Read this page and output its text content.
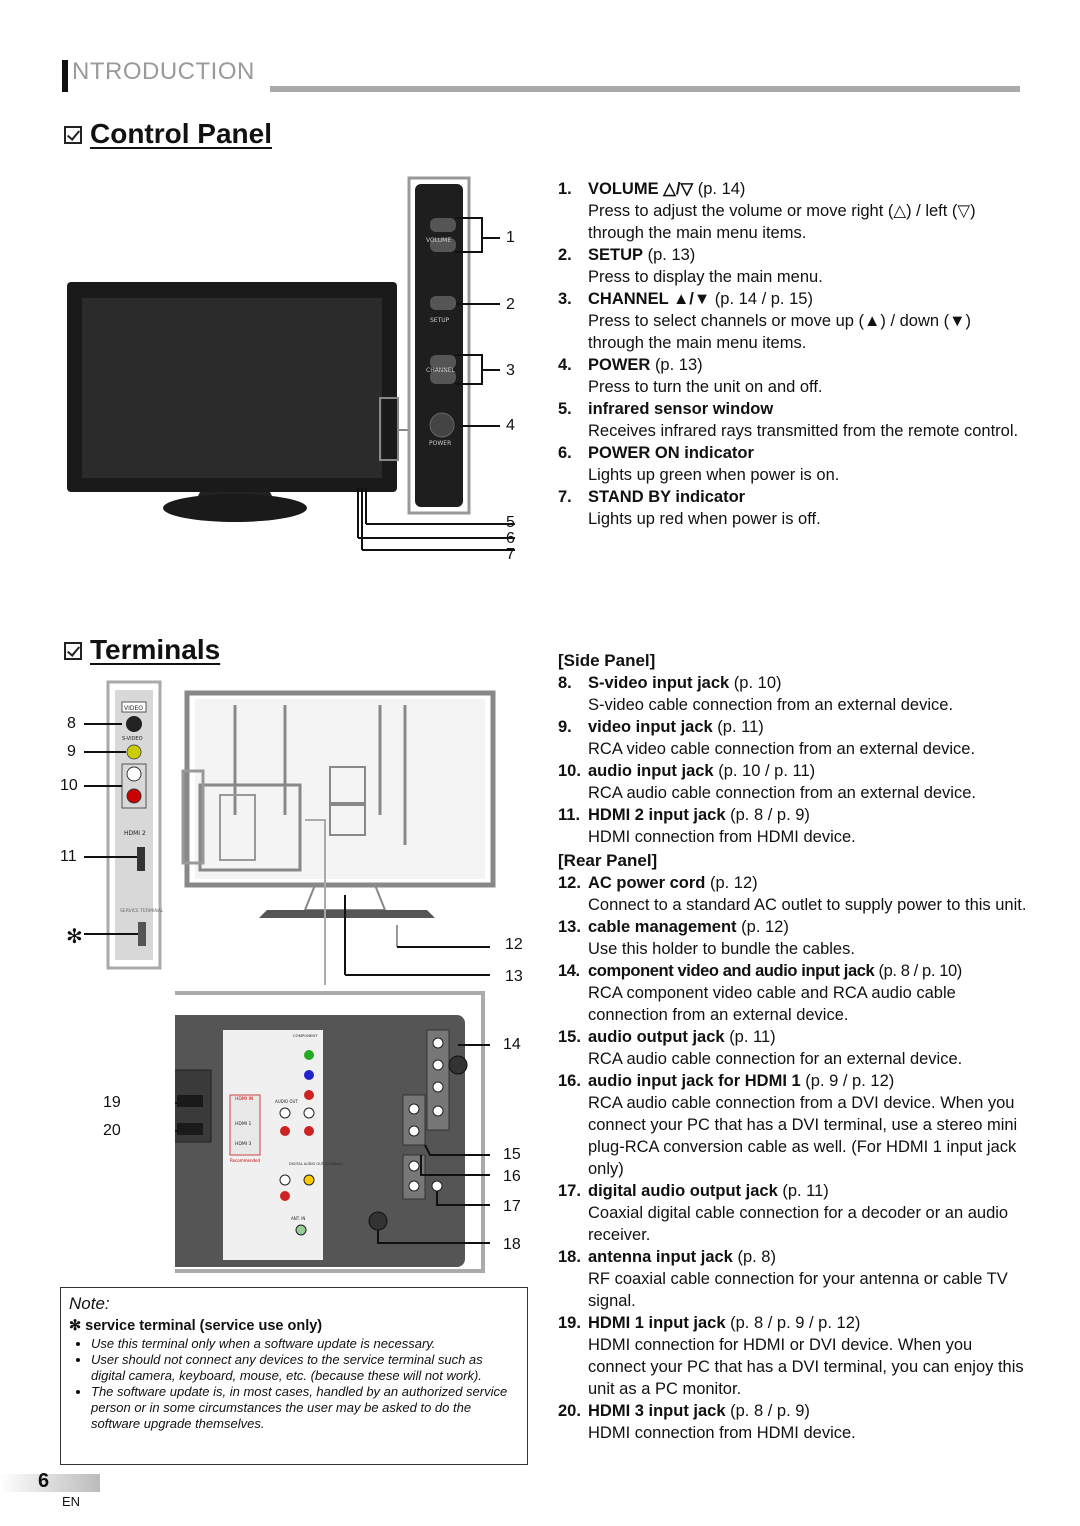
NTRODUCTION
Control Panel
VOLUME
SETUP
CHANNEL
POWER
1
2
3
4
5
6
7
1. VOLUME △/▽ (p. 14)
Press to adjust the volume or move right (△) / left (▽) through the main menu items.
2. SETUP (p. 13)
Press to display the main menu.
3. CHANNEL ▲/▼ (p. 14 / p. 15)
Press to select channels or move up (▲) / down (▼) through the main menu items.
4. POWER (p. 13)
Press to turn the unit on and off.
5. infrared sensor window
Receives infrared rays transmitted from the remote control.
6. POWER ON indicator
Lights up green when power is on.
7. STAND BY indicator
Lights up red when power is off.
Terminals
VIDEO
S-VIDEO
HDMI 2
SERVICE TERMINAL
8
9
10
11
✻
HDMI IN
HDMI 1
HDMI 3
Recommended
AUDIO OUT
COMPONENT
DIGITAL AUDIO OUT (COAXIAL)
ANT. IN
12
13
14
15
16
17
18
19
20
[Side Panel]
8. S-video input jack (p. 10)
S-video cable connection from an external device.
9. video input jack (p. 11)
RCA video cable connection from an external device.
10. audio input jack (p. 10 / p. 11)
RCA audio cable connection from an external device.
11. HDMI 2 input jack (p. 8 / p. 9)
HDMI connection from HDMI device.
[Rear Panel]
12. AC power cord (p. 12)
Connect to a standard AC outlet to supply power to this unit.
13. cable management (p. 12)
Use this holder to bundle the cables.
14. component video and audio input jack (p. 8 / p. 10)
RCA component video cable and RCA audio cable connection from an external device.
15. audio output jack (p. 11)
RCA audio cable connection for an external device.
16. audio input jack for HDMI 1 (p. 9 / p. 12)
RCA audio cable connection from a DVI device. When you connect your PC that has a DVI terminal, use a stereo mini plug-RCA conversion cable as well. (For HDMI 1 input jack only)
17. digital audio output jack (p. 11)
Coaxial digital cable connection for a decoder or an audio receiver.
18. antenna input jack (p. 8)
RF coaxial cable connection for your antenna or cable TV signal.
19. HDMI 1 input jack (p. 8 / p. 9 / p. 12)
HDMI connection for HDMI or DVI device. When you connect your PC that has a DVI terminal, you can enjoy this unit as a PC monitor.
20. HDMI 3 input jack (p. 8 / p. 9)
HDMI connection from HDMI device.
Note:
✻ service terminal (service use only)
• Use this terminal only when a software update is necessary.
• User should not connect any devices to the service terminal such as digital camera, keyboard, mouse, etc. (because these will not work).
• The software update is, in most cases, handled by an authorized service person or in some circumstances the user may be asked to do the software upgrade themselves.
6
EN
